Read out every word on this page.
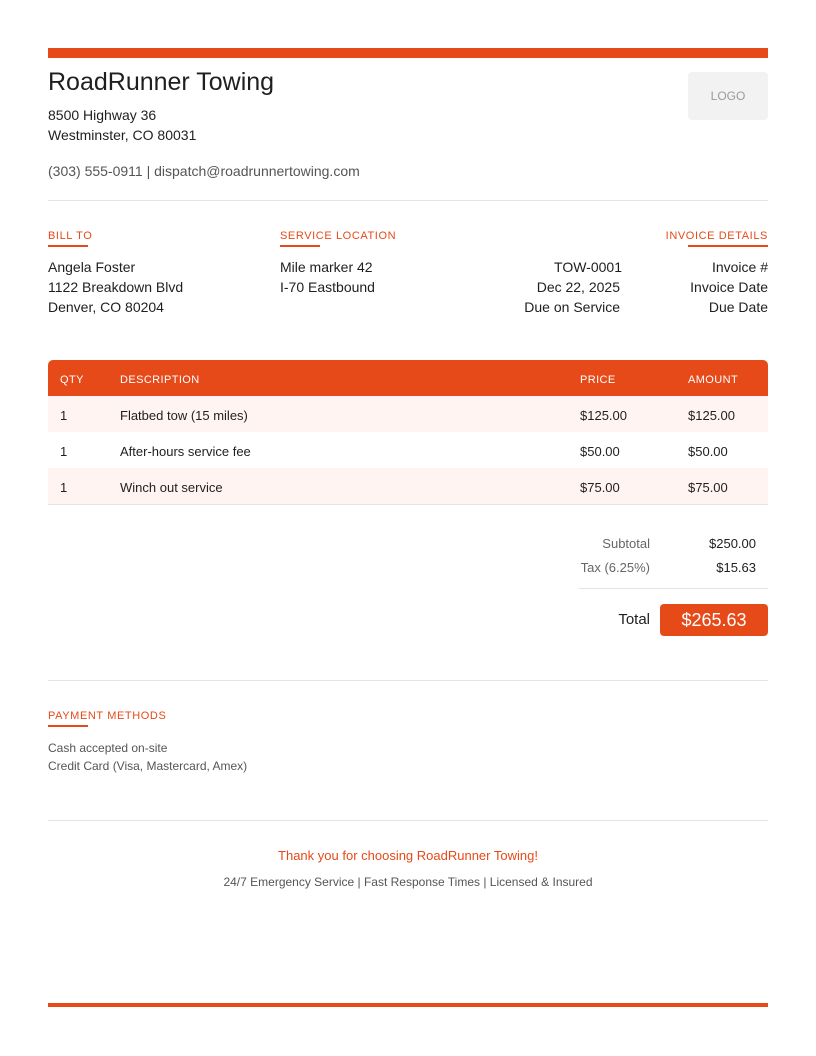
RoadRunner Towing
8500 Highway 36
Westminster, CO 80031
(303) 555-0911 | dispatch@roadrunnertowing.com
LOGO
BILL TO
Angela Foster
1122 Breakdown Blvd
Denver, CO 80204
SERVICE LOCATION
Mile marker 42
I-70 Eastbound
INVOICE DETAILS
TOW-0001	Invoice #
Dec 22, 2025	Invoice Date
Due on Service	Due Date
QTY	DESCRIPTION	PRICE	AMOUNT
1	Flatbed tow (15 miles)	$125.00	$125.00
1	After-hours service fee	$50.00	$50.00
1	Winch out service	$75.00	$75.00
Subtotal	$250.00
Tax (6.25%)	$15.63
Total	$265.63
PAYMENT METHODS
Cash accepted on-site
Credit Card (Visa, Mastercard, Amex)
Thank you for choosing RoadRunner Towing!
24/7 Emergency Service | Fast Response Times | Licensed & Insured
